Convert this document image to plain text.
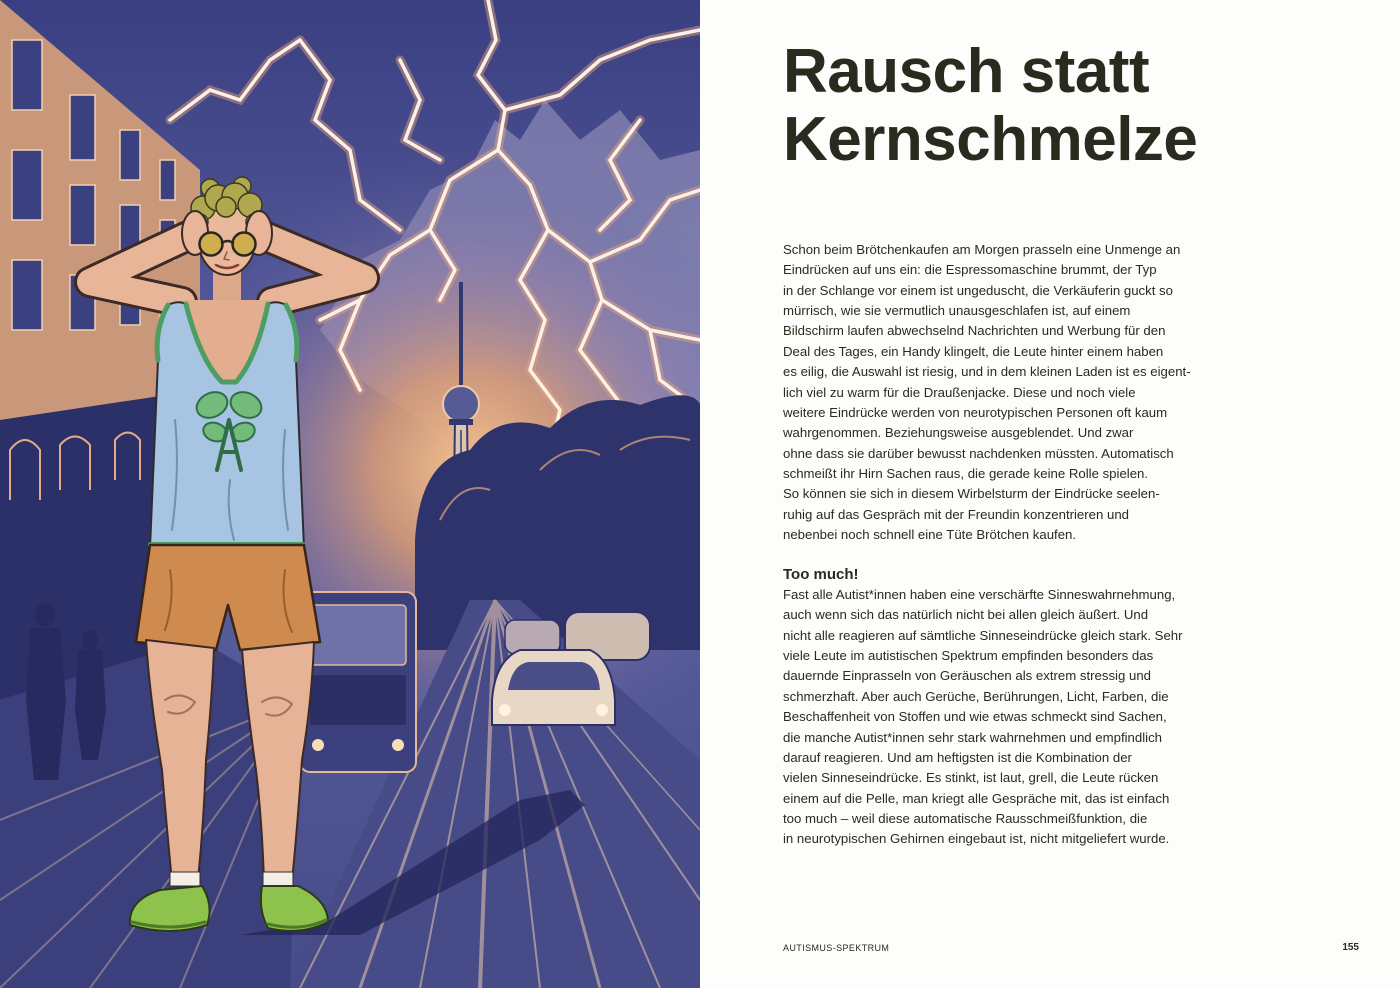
Rausch statt
Kernschmelze
Schon beim Brötchenkaufen am Morgen prasseln eine Unmenge an
Eindrücken auf uns ein: die Espressomaschine brummt, der Typ
in der Schlange vor einem ist ungeduscht, die Verkäuferin guckt so
mürrisch, wie sie vermutlich unausgeschlafen ist, auf einem
Bildschirm laufen abwechselnd Nachrichten und Werbung für den
Deal des Tages, ein Handy klingelt, die Leute hinter einem haben
es eilig, die Auswahl ist riesig, und in dem kleinen Laden ist es eigent-
lich viel zu warm für die Draußenjacke. Diese und noch viele
weitere Eindrücke werden von neurotypischen Personen oft kaum
wahrgenommen. Beziehungsweise ausgeblendet. Und zwar
ohne dass sie darüber bewusst nachdenken müssten. Automatisch
schmeißt ihr Hirn Sachen raus, die gerade keine Rolle spielen.
So können sie sich in diesem Wirbelsturm der Eindrücke seelen-
ruhig auf das Gespräch mit der Freundin konzentrieren und
nebenbei noch schnell eine Tüte Brötchen kaufen.
Too much!
Fast alle Autist*innen haben eine verschärfte Sinneswahrnehmung,
auch wenn sich das natürlich nicht bei allen gleich äußert. Und
nicht alle reagieren auf sämtliche Sinneseindrücke gleich stark. Sehr
viele Leute im autistischen Spektrum empfinden besonders das
dauernde Einprasseln von Geräuschen als extrem stressig und
schmerzhaft. Aber auch Gerüche, Berührungen, Licht, Farben, die
Beschaffenheit von Stoffen und wie etwas schmeckt sind Sachen,
die manche Autist*innen sehr stark wahrnehmen und empfindlich
darauf reagieren. Und am heftigsten ist die Kombination der
vielen Sinneseindrücke. Es stinkt, ist laut, grell, die Leute rücken
einem auf die Pelle, man kriegt alle Gespräche mit, das ist einfach
too much – weil diese automatische Rausschmeißfunktion, die
in neurotypischen Gehirnen eingebaut ist, nicht mitgeliefert wurde.
AUTISMUS-SPEKTRUM	155
